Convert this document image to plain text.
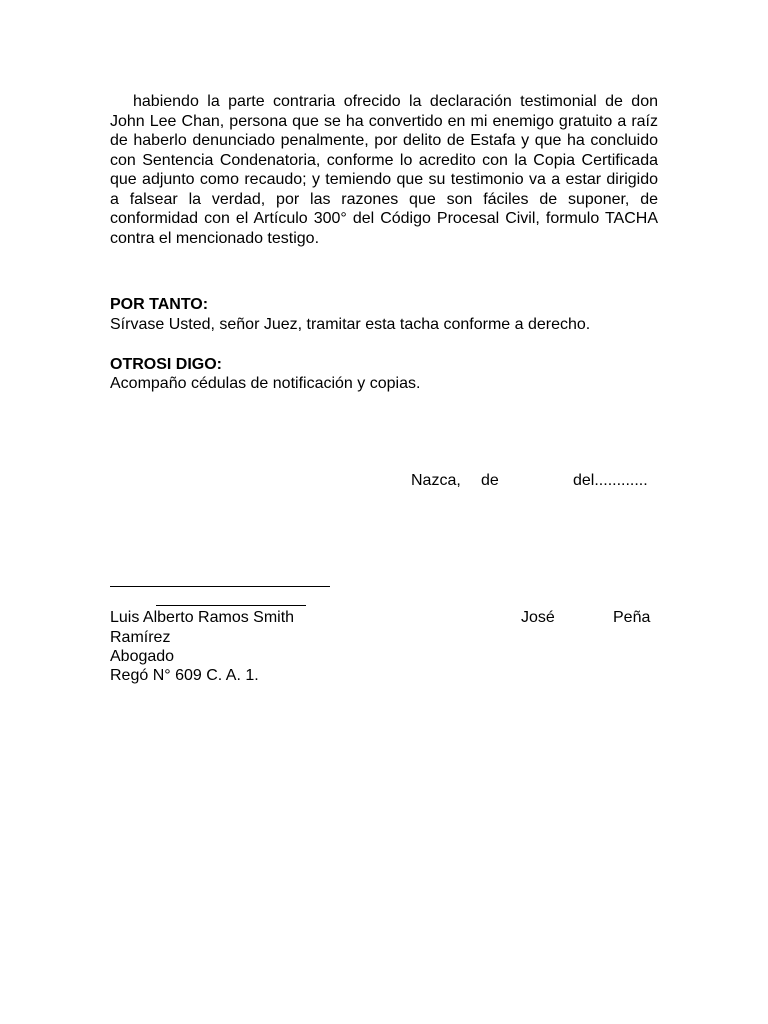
habiendo la parte contraria ofrecido la declaración testimonial de don John Lee Chan, persona que se ha convertido en mi enemigo gratuito a raíz de haberlo denunciado penalmente, por delito de Estafa y que ha concluido con Sentencia Condenatoria, conforme lo acredito con la Copia Certificada que adjunto como recaudo; y temiendo que su testimonio va a estar dirigido a falsear la verdad, por las razones que son fáciles de suponer, de conformidad con el Artículo 300° del Código Procesal Civil, formulo TACHA contra el mencionado testigo.

POR TANTO:

Sírvase Usted, señor Juez, tramitar esta tacha conforme a derecho.

OTROSI DIGO:

Acompaño cédulas de notificación y copias.

Nazca, de	del............

Luis Alberto Ramos Smith	José	Peña

Ramírez

Abogado

Regó N° 609 C. A. 1.
